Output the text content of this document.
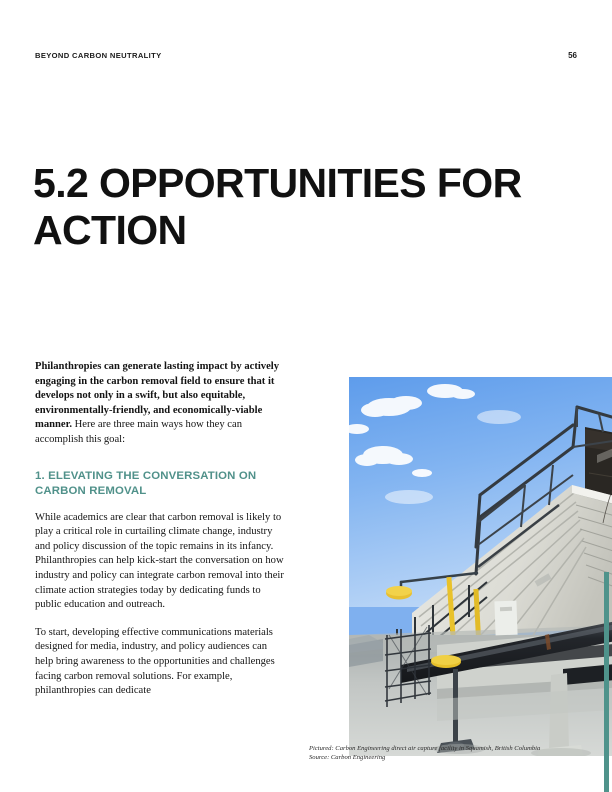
BEYOND CARBON NEUTRALITY	56
5.2 OPPORTUNITIES FOR ACTION

Philanthropies can generate lasting impact by actively engaging in the carbon removal field to ensure that it develops not only in a swift, but also equitable, environmentally-friendly, and economically-viable manner. Here are three main ways how they can accomplish this goal:

1. ELEVATING THE CONVERSATION ON CARBON REMOVAL

While academics are clear that carbon removal is likely to play a critical role in curtailing climate change, industry and policy discussion of the topic remains in its infancy. Philanthropies can help kick-start the conversation on how industry and policy can integrate carbon removal into their climate action strategies today by dedicating funds to public education and outreach.

To start, developing effective communications materials designed for media, industry, and policy audiences can help bring awareness to the opportunities and challenges facing carbon removal solutions. For example, philanthropies can dedicate

Pictured: Carbon Engineering direct air capture facility in Squamish, British Columbia
Source: Carbon Engineering
